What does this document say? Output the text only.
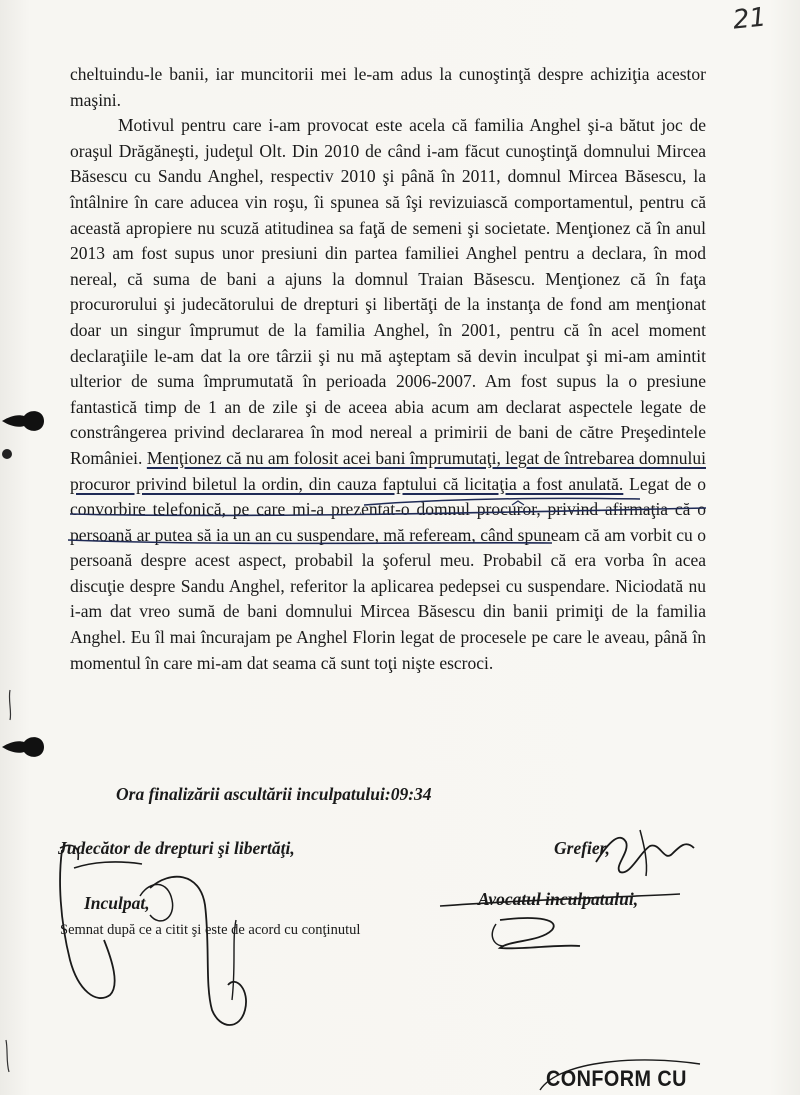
21

cheltuindu-le banii, iar muncitorii mei le-am adus la cunoştinţă despre achiziţia acestor maşini.

Motivul pentru care i-am provocat este acela că familia Anghel şi-a bătut joc de oraşul Drăgăneşti, judeţul Olt. Din 2010 de când i-am făcut cunoştinţă domnului Mircea Băsescu cu Sandu Anghel, respectiv 2010 şi până în 2011, domnul Mircea Băsescu, la întâlnire în care aducea vin roşu, îi spunea să îşi revizuiască comportamentul, pentru că această apropiere nu scuză atitudinea sa faţă de semeni şi societate. Menţionez că în anul 2013 am fost supus unor presiuni din partea familiei Anghel pentru a declara, în mod nereal, că suma de bani a ajuns la domnul Traian Băsescu. Menţionez că în faţa procurorului şi judecătorului de drepturi şi libertăţi de la instanţa de fond am menţionat doar un singur împrumut de la familia Anghel, în 2001, pentru că în acel moment declaraţiile le-am dat la ore târzii şi nu mă aşteptam să devin inculpat şi mi-am amintit ulterior de suma împrumutată în perioada 2006-2007. Am fost supus la o presiune fantastică timp de 1 an de zile şi de aceea abia acum am declarat aspectele legate de constrângerea privind declararea în mod nereal a primirii de bani de către Preşedintele României. Menţionez că nu am folosit acei bani împrumutaţi, legat de întrebarea domnului procuror privind biletul la ordin, din cauza faptului că licitaţia a fost anulată. Legat de o convorbire telefonică, pe care mi-a prezentat-o domnul procuror, privind afirmaţia că o persoană ar putea să ia un an cu suspendare, mă refeream, când spuneam că am vorbit cu o persoană despre acest aspect, probabil la şoferul meu. Probabil că era vorba în acea discuţie despre Sandu Anghel, referitor la aplicarea pedepsei cu suspendare. Niciodată nu i-am dat vreo sumă de bani domnului Mircea Băsescu din banii primiţi de la familia Anghel. Eu îl mai încurajam pe Anghel Florin legat de procesele pe care le aveau, până în momentul în care mi-am dat seama că sunt toţi nişte escroci.

Ora finalizării ascultării inculpatului:09:34
Judecător de drepturi şi libertăţi,	Grefier,
Inculpat,	Avocatul inculpatului,
Semnat după ce a citit şi este de acord cu conţinutul
CONFORM CU
